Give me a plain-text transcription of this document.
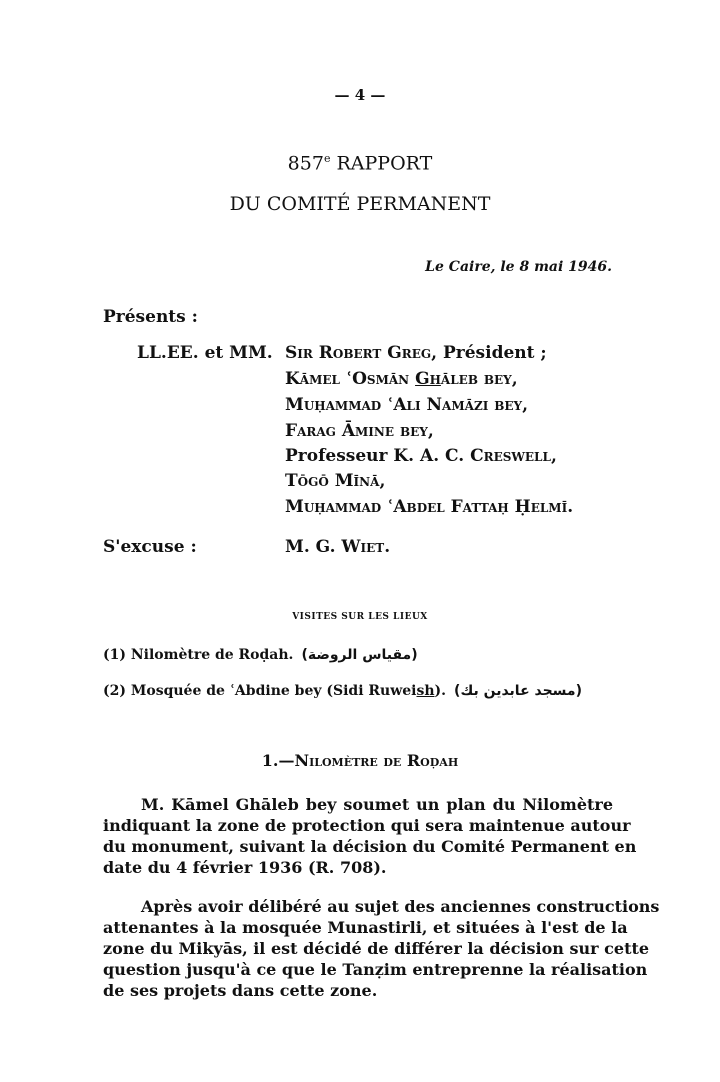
— 4 —
857e RAPPORT
DU COMITÉ PERMANENT
Le Caire, le 8 mai 1946.
Présents :
LL.EE. et MM. Sir Robert Greg, Président ;
Kāmel ʿOsmān Ghāleb bey,
Muḥammad ʿAli Namāzi bey,
Farag Āmine bey,
Professeur K. A. C. Creswell,
Tōgō Mīnā,
Muḥammad ʿAbdel Fattaḥ Ḥelmī.
S'excuse :	M. G. Wiet.
VISITES SUR LES LIEUX
(1) Nilomètre de Roḍah. (مقياس الروضة)
(2) Mosquée de ʿAbdine bey (Sidi Ruweish). (مسجد عابدين بك)
1.—Nilomètre de Roḍah
M. Kāmel Ghāleb bey soumet un plan du Nilomètre
indiquant la zone de protection qui sera maintenue autour
du monument, suivant la décision du Comité Permanent en
date du 4 février 1936 (R. 708).
Après avoir délibéré au sujet des anciennes constructions
attenantes à la mosquée Munastirli, et situées à l'est de la
zone du Mikyās, il est décidé de différer la décision sur cette
question jusqu'à ce que le Tanẓim entreprenne la réalisation
de ses projets dans cette zone.
